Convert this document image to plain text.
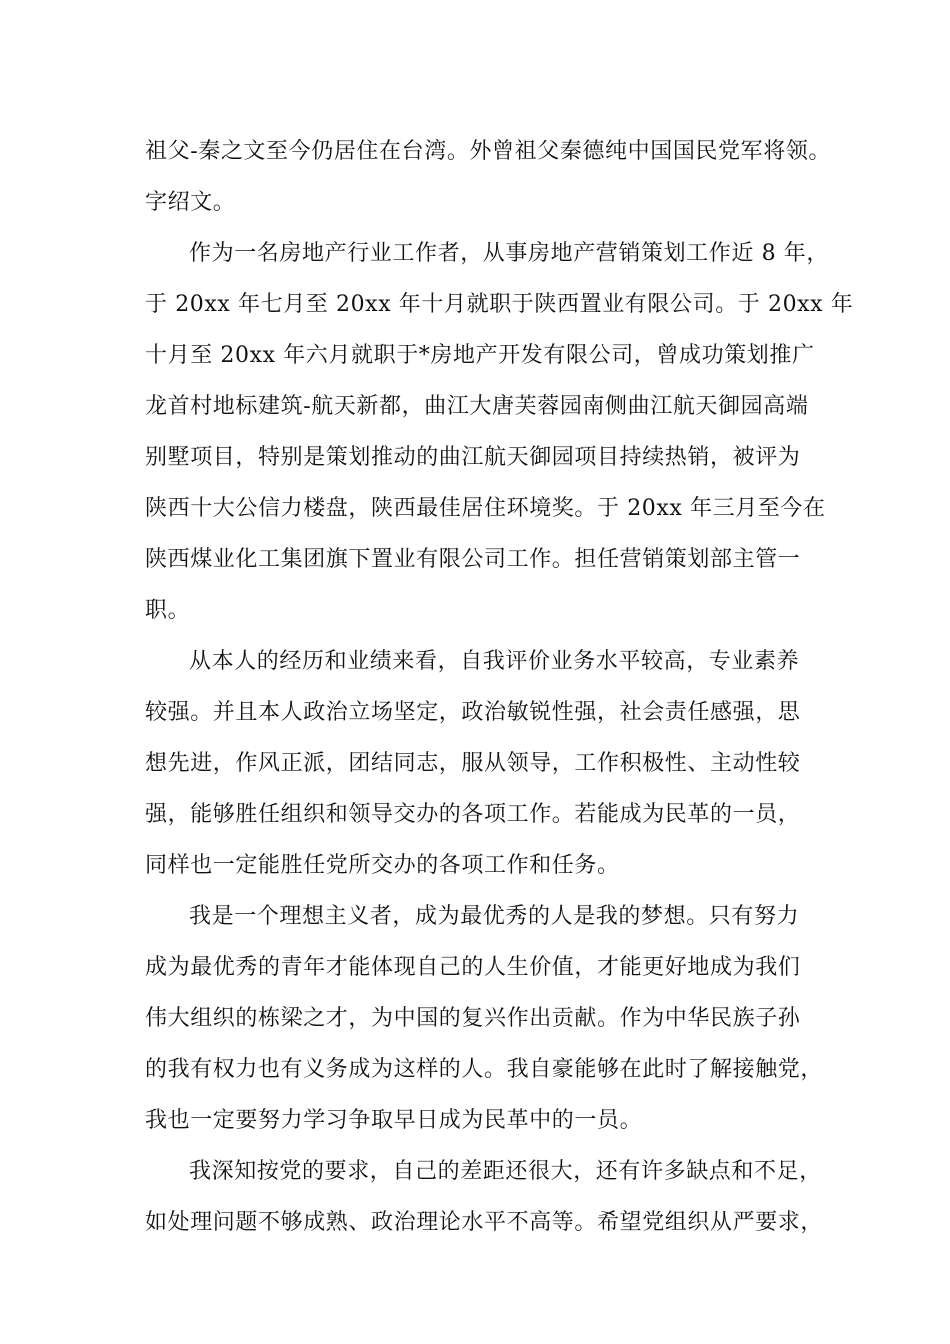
祖父-秦之文至今仍居住在台湾。外曾祖父秦德纯中国国民党军将领。
字绍文。
作为一名房地产行业工作者，从事房地产营销策划工作近 8 年，
于 20xx 年七月至 20xx 年十月就职于陕西置业有限公司。于 20xx 年
十月至 20xx 年六月就职于*房地产开发有限公司，曾成功策划推广
龙首村地标建筑-航天新都，曲江大唐芙蓉园南侧曲江航天御园高端
别墅项目，特别是策划推动的曲江航天御园项目持续热销，被评为
陕西十大公信力楼盘，陕西最佳居住环境奖。于 20xx 年三月至今在
陕西煤业化工集团旗下置业有限公司工作。担任营销策划部主管一
职。
从本人的经历和业绩来看，自我评价业务水平较高，专业素养
较强。并且本人政治立场坚定，政治敏锐性强，社会责任感强，思
想先进，作风正派，团结同志，服从领导，工作积极性、主动性较
强，能够胜任组织和领导交办的各项工作。若能成为民革的一员，
同样也一定能胜任党所交办的各项工作和任务。
我是一个理想主义者，成为最优秀的人是我的梦想。只有努力
成为最优秀的青年才能体现自己的人生价值，才能更好地成为我们
伟大组织的栋梁之才，为中国的复兴作出贡献。作为中华民族子孙
的我有权力也有义务成为这样的人。我自豪能够在此时了解接触党，
我也一定要努力学习争取早日成为民革中的一员。
我深知按党的要求，自己的差距还很大，还有许多缺点和不足，
如处理问题不够成熟、政治理论水平不高等。希望党组织从严要求，
